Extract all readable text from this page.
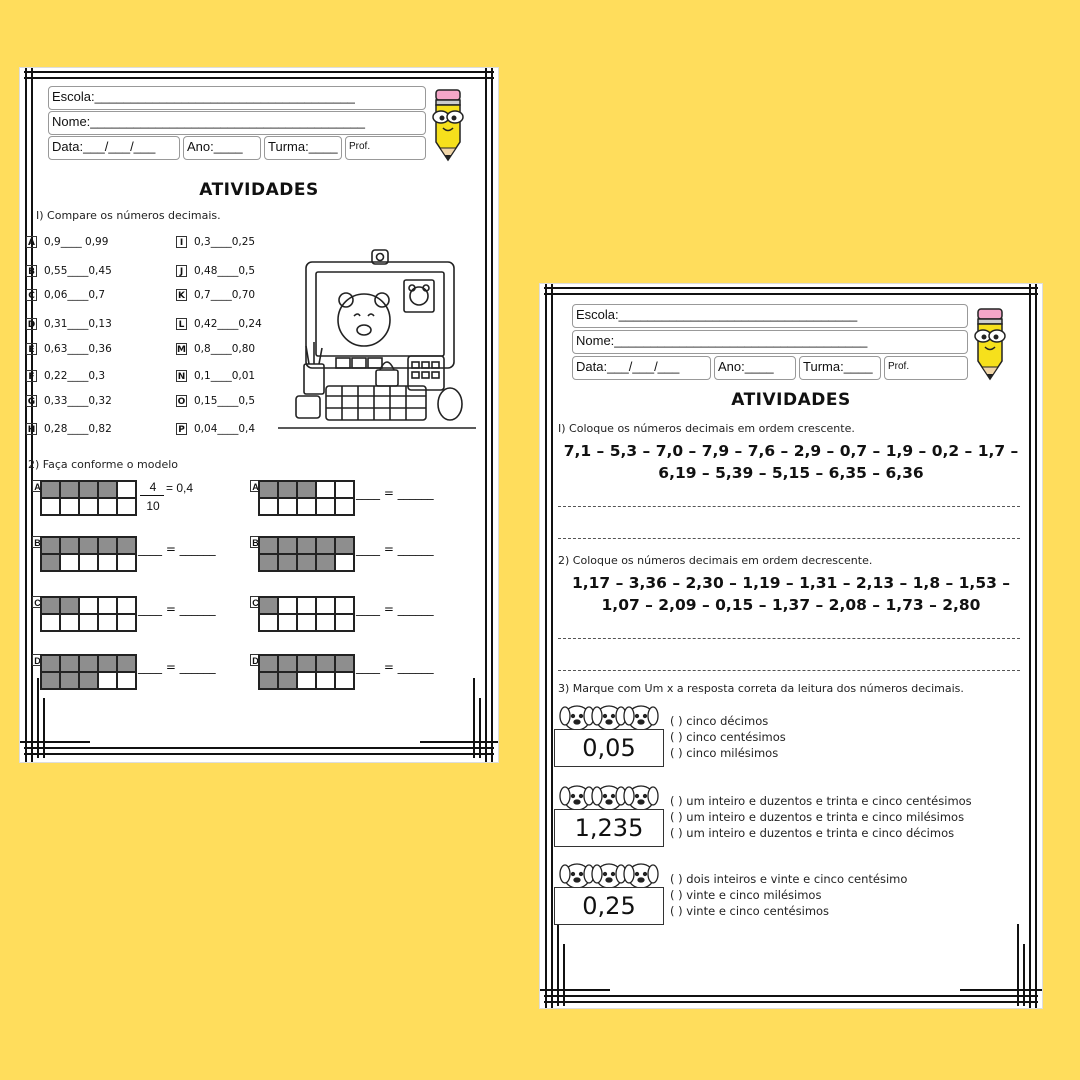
Escola:____________________________________
Nome:______________________________________
Data:___/___/___	Ano:____	Turma:____	Prof.
ATIVIDADES
I) Compare os números decimais.
A 0,9____ 0,99
B 0,55____0,45
C 0,06____0,7
D 0,31____0,13
E 0,63____0,36
F 0,22____0,3
G 0,33____0,32
H 0,28____0,82
I	0,3____0,25
J	0,48____0,5
K 0,7____0,70
L 0,42____0,24
M 0,8____0,80
N 0,1____0,01
O 0,15____0,5
P 0,04____0,4
2) Faça conforme o modelo
A
B	____ = ______
C	____ = ______
D	____ = ______
A	____ = ______
B	____ = ______
C	____ = ______
D	____ = ______
4
10
= 0,4
Escola:_________________________________
Nome:___________________________________
Data:___/___/___	Ano:____	Turma:____	Prof.
ATIVIDADES
I) Coloque os números decimais em ordem crescente.
7,1 – 5,3 – 7,0 – 7,9 – 7,6 – 2,9 – 0,7 – 1,9 – 0,2 – 1,7 –
6,19 – 5,39 – 5,15 – 6,35 – 6,36
2) Coloque os números decimais em ordem decrescente.
1,17 – 3,36 – 2,30 – 1,19 – 1,31 – 2,13 – 1,8 – 1,53 –
1,07 – 2,09 – 0,15 – 1,37 – 2,08 – 1,73 – 2,80
3) Marque com Um x a resposta correta da leitura dos números decimais.
0,05
( ) cinco décimos
( ) cinco centésimos
( ) cinco milésimos
1,235
( ) um inteiro e duzentos e trinta e cinco centésimos
( ) um inteiro e duzentos e trinta e cinco milésimos
( ) um inteiro e duzentos e trinta e cinco décimos
0,25
( ) dois inteiros e vinte e cinco centésimo
( ) vinte e cinco milésimos
( ) vinte e cinco centésimos
